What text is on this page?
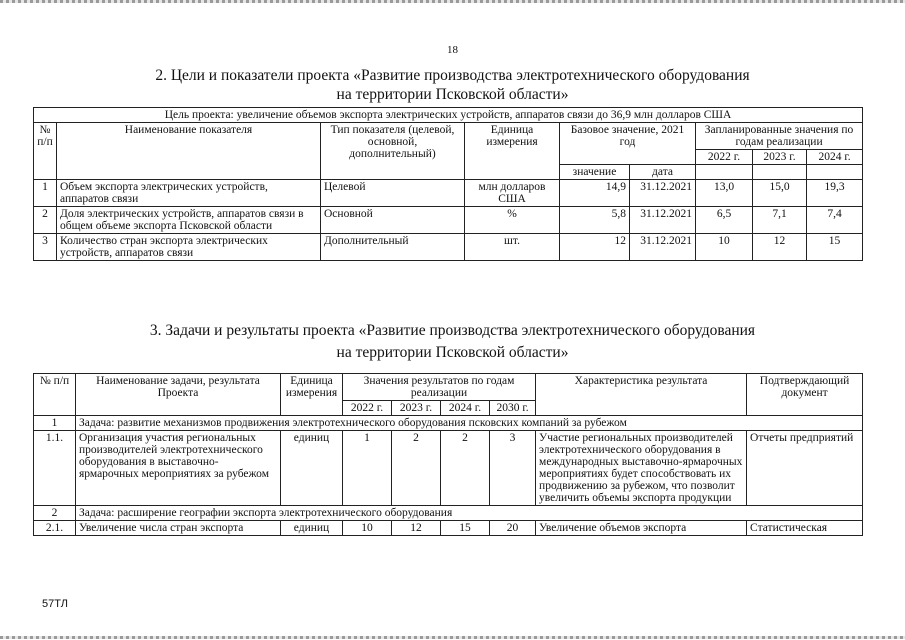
18
2. Цели и показатели проекта «Развитие производства электротехнического оборудования
на территории Псковской области»
Цель проекта: увеличение объемов экспорта электрических устройств, аппаратов связи до 36,9 млн долларов США								
№ п/п	Наименование показателя	Тип показателя (целевой, основной, дополнительный)	Единица измерения	Базовое значение, 2021 год		Запланированные значения по годам реализации		
						2022 г.	2023 г.	2024 г.
				значение	дата			
1	Объем экспорта электрических устройств, аппаратов связи	Целевой	млн долларов США	14,9	31.12.2021	13,0	15,0	19,3
2	Доля электрических устройств, аппаратов связи в общем объеме экспорта Псковской области	Основной	%	5,8	31.12.2021	6,5	7,1	7,4
3	Количество стран экспорта электрических устройств, аппаратов связи	Дополнительный	шт.	12	31.12.2021	10	12	15
3. Задачи и результаты проекта «Развитие производства электротехнического оборудования
на территории Псковской области»
№ п/п	Наименование задачи, результата Проекта	Единица измерения	Значения результатов по годам реализации				Характеристика результата	Подтверждающий документ
			2022 г.	2023 г.	2024 г.	2030 г.		
1	Задача: развитие механизмов продвижения электротехнического оборудования псковских компаний за рубежом							
1.1.	Организация участия региональных производителей электротехнического оборудования в выставочно-ярмарочных мероприятиях за рубежом	единиц	1	2	2	3	Участие региональных производителей электротехнического оборудования в международных выставочно-ярмарочных мероприятиях будет способствовать их продвижению за рубежом, что позволит увеличить объемы экспорта продукции	Отчеты предприятий
2	Задача: расширение географии экспорта электротехнического оборудования							
2.1.	Увеличение числа стран экспорта	единиц	10	12	15	20	Увеличение объемов экспорта	Статистическая
57ТЛ
